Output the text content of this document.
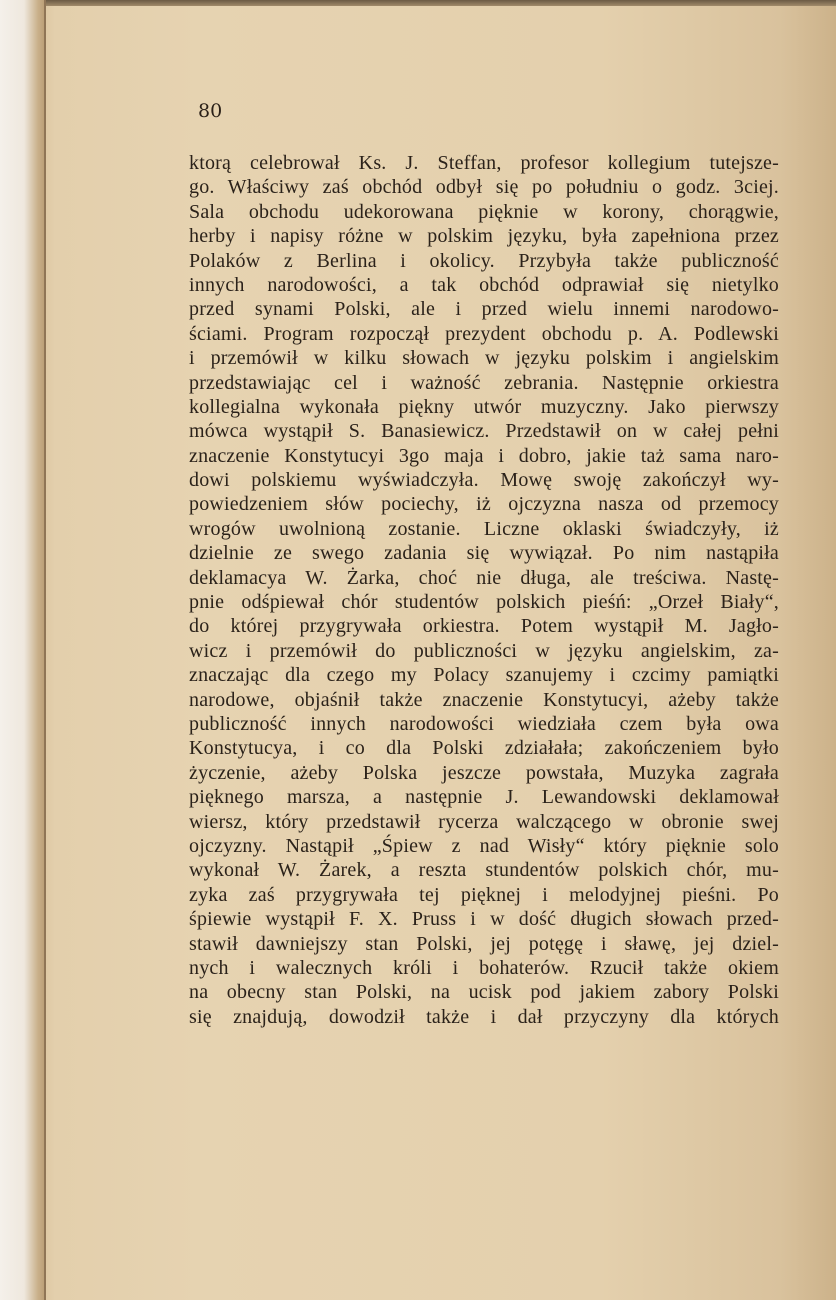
80
ktorą celebrował Ks. J. Steffan, profesor kollegium tutejsze-
go. Właściwy zaś obchód odbył się po południu o godz. 3ciej.
Sala obchodu udekorowana pięknie w korony, chorągwie,
herby i napisy różne w polskim języku, była zapełniona przez
Polaków z Berlina i okolicy. Przybyła także publiczność
innych narodowości, a tak obchód odprawiał się nietylko
przed synami Polski, ale i przed wielu innemi narodowo-
ściami. Program rozpoczął prezydent obchodu p. A. Podlewski
i przemówił w kilku słowach w języku polskim i angielskim
przedstawiając cel i ważność zebrania. Następnie orkiestra
kollegialna wykonała piękny utwór muzyczny. Jako pierwszy
mówca wystąpił S. Banasiewicz. Przedstawił on w całej pełni
znaczenie Konstytucyi 3go maja i dobro, jakie taż sama naro-
dowi polskiemu wyświadczyła. Mowę swoję zakończył wy-
powiedzeniem słów pociechy, iż ojczyzna nasza od przemocy
wrogów uwolnioną zostanie. Liczne oklaski świadczyły, iż
dzielnie ze swego zadania się wywiązał. Po nim nastąpiła
deklamacya W. Żarka, choć nie długa, ale treściwa. Nastę-
pnie odśpiewał chór studentów polskich pieśń: „Orzeł Biały“,
do której przygrywała orkiestra. Potem wystąpił M. Jagło-
wicz i przemówił do publiczności w języku angielskim, za-
znaczając dla czego my Polacy szanujemy i czcimy pamiątki
narodowe, objaśnił także znaczenie Konstytucyi, ażeby także
publiczność innych narodowości wiedziała czem była owa
Konstytucya, i co dla Polski zdziałała; zakończeniem było
życzenie, ażeby Polska jeszcze powstała, Muzyka zagrała
pięknego marsza, a następnie J. Lewandowski deklamował
wiersz, który przedstawił rycerza walczącego w obronie swej
ojczyzny. Nastąpił „Śpiew z nad Wisły“ który pięknie solo
wykonał W. Żarek, a reszta stundentów polskich chór, mu-
zyka zaś przygrywała tej pięknej i melodyjnej pieśni. Po
śpiewie wystąpił F. X. Pruss i w dość długich słowach przed-
stawił dawniejszy stan Polski, jej potęgę i sławę, jej dziel-
nych i walecznych króli i bohaterów. Rzucił także okiem
na obecny stan Polski, na ucisk pod jakiem zabory Polski
się znajdują, dowodził także i dał przyczyny dla których
